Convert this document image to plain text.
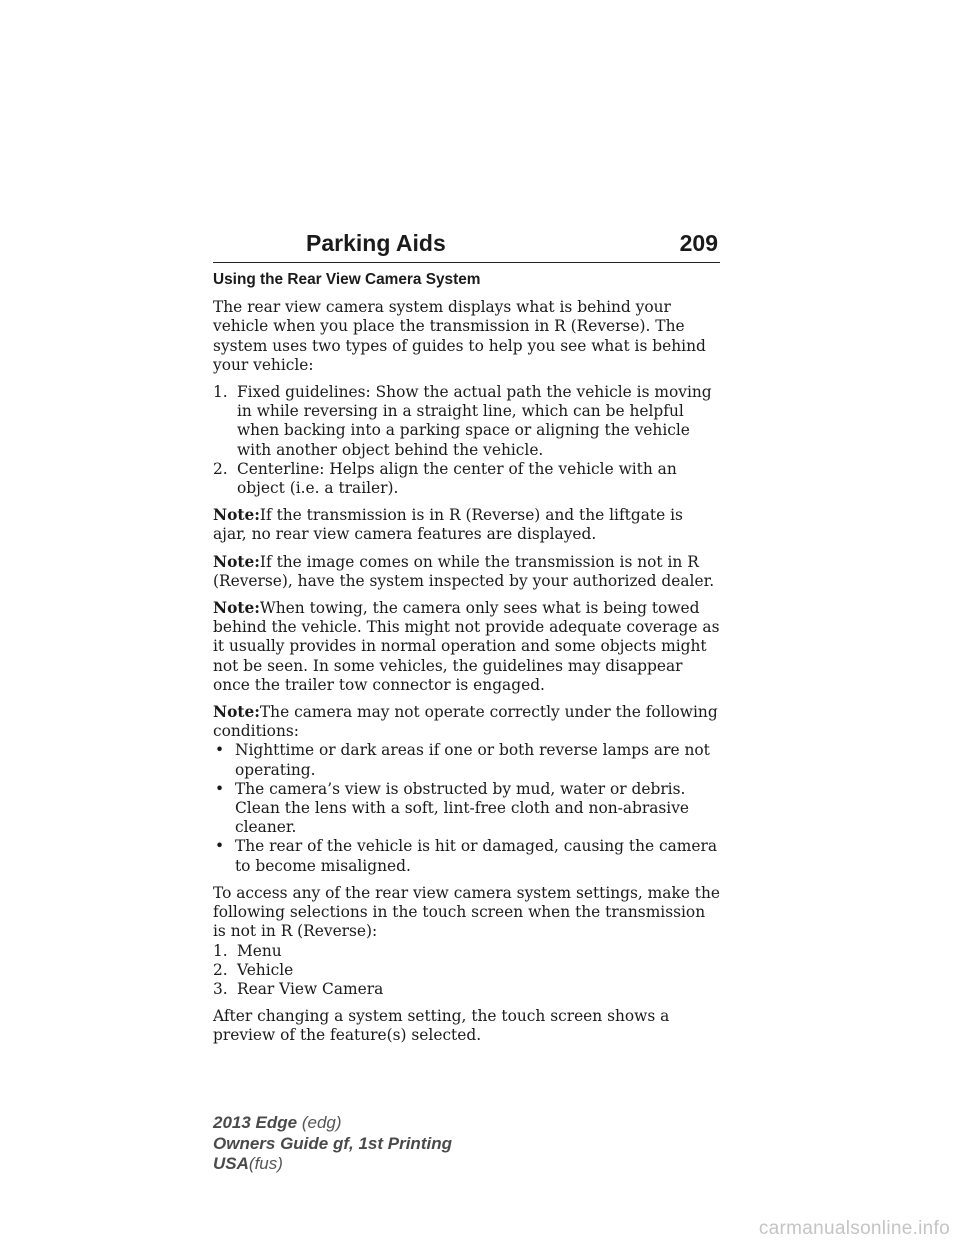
Parking Aids	209
Using the Rear View Camera System

The rear view camera system displays what is behind your vehicle when you place the transmission in R (Reverse). The system uses two types of guides to help you see what is behind your vehicle:

1. Fixed guidelines: Show the actual path the vehicle is moving in while reversing in a straight line, which can be helpful when backing into a parking space or aligning the vehicle with another object behind the vehicle.
2. Centerline: Helps align the center of the vehicle with an object (i.e. a trailer).

Note:If the transmission is in R (Reverse) and the liftgate is ajar, no rear view camera features are displayed.

Note:If the image comes on while the transmission is not in R (Reverse), have the system inspected by your authorized dealer.

Note:When towing, the camera only sees what is being towed behind the vehicle. This might not provide adequate coverage as it usually provides in normal operation and some objects might not be seen. In some vehicles, the guidelines may disappear once the trailer tow connector is engaged.

Note:The camera may not operate correctly under the following conditions:

• Nighttime or dark areas if one or both reverse lamps are not operating.
• The camera’s view is obstructed by mud, water or debris. Clean the lens with a soft, lint-free cloth and non-abrasive cleaner.
• The rear of the vehicle is hit or damaged, causing the camera to become misaligned.

To access any of the rear view camera system settings, make the following selections in the touch screen when the transmission is not in R (Reverse):

1. Menu
2. Vehicle
3. Rear View Camera

After changing a system setting, the touch screen shows a preview of the feature(s) selected.

2013 Edge (edg)
Owners Guide gf, 1st Printing
USA(fus)
carmanualsonline.info
